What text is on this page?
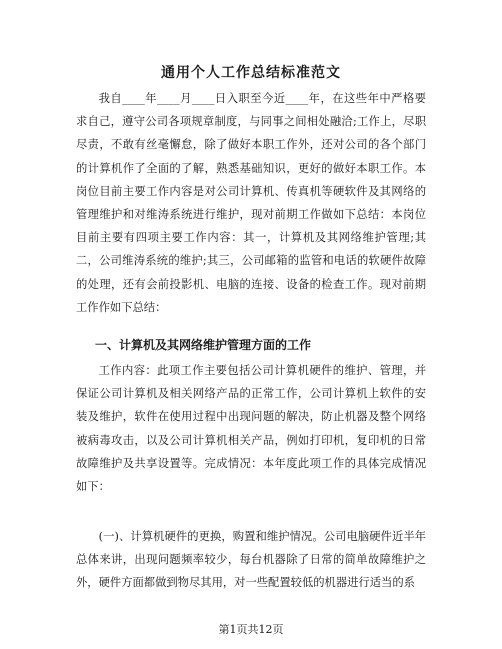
通用个人工作总结标准范文

我自____年____月____日入职至今近____年，在这些年中严格要求自己，遵守公司各项规章制度，与同事之间相处融洽;工作上，尽职尽责，不敢有丝毫懈怠，除了做好本职工作外，还对公司的各个部门的计算机作了全面的了解，熟悉基础知识，更好的做好本职工作。本岗位目前主要工作内容是对公司计算机、传真机等硬软件及其网络的管理维护和对维涛系统进行维护，现对前期工作做如下总结：本岗位目前主要有四项主要工作内容：其一，计算机及其网络维护管理;其二，公司维涛系统的维护;其三，公司邮箱的监管和电话的软硬件故障的处理，还有会前投影机、电脑的连接、设备的检查工作。现对前期工作作如下总结：

一、计算机及其网络维护管理方面的工作

工作内容：此项工作主要包括公司计算机硬件的维护、管理，并保证公司计算机及相关网络产品的正常工作，公司计算机上软件的安装及维护，软件在使用过程中出现问题的解决，防止机器及整个网络被病毒攻击，以及公司计算机相关产品，例如打印机，复印机的日常故障维护及共享设置等。完成情况：本年度此项工作的具体完成情况如下：

(一)、计算机硬件的更换，购置和维护情况。公司电脑硬件近半年总体来讲，出现问题频率较少，每台机器除了日常的简单故障维护之外，硬件方面都做到物尽其用，对一些配置较低的机器进行适当的系

第1页共12页
